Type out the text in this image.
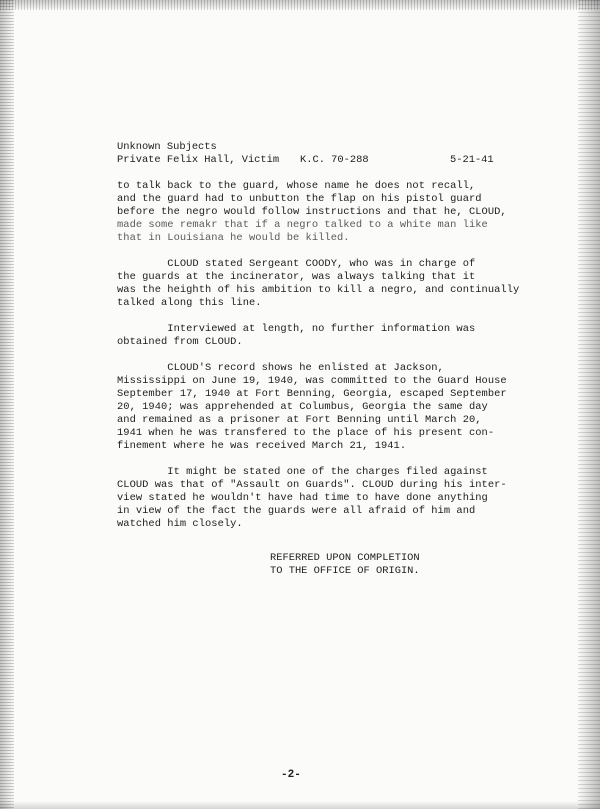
Unknown Subjects
Private Felix Hall, Victim K.C. 70-288	5-21-41
to talk back to the guard, whose name he does not recall,
and the guard had to unbutton the flap on his pistol guard
before the negro would follow instructions and that he, CLOUD,
made some remakr that if a negro talked to a white man like
that in Louisiana he would be killed.
CLOUD stated Sergeant COODY, who was in charge of
the guards at the incinerator, was always talking that it
was the heighth of his ambition to kill a negro, and continually
talked along this line.
Interviewed at length, no further information was
obtained from CLOUD.
CLOUD'S record shows he enlisted at Jackson,
Mississippi on June 19, 1940, was committed to the Guard House
September 17, 1940 at Fort Benning, Georgia, escaped September
20, 1940; was apprehended at Columbus, Georgia the same day
and remained as a prisoner at Fort Benning until March 20,
1941 when he was transfered to the place of his present con-
finement where he was received March 21, 1941.
It might be stated one of the charges filed against
CLOUD was that of "Assault on Guards". CLOUD during his inter-
view stated he wouldn't have had time to have done anything
in view of the fact the guards were all afraid of him and
watched him closely.
REFERRED UPON COMPLETION
TO THE OFFICE OF ORIGIN.
-2-
